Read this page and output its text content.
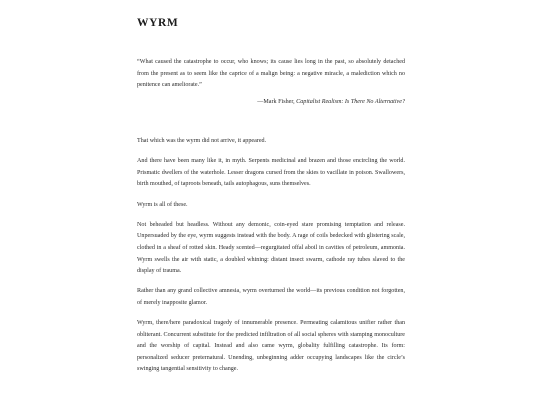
WYRM

“What caused the catastrophe to occur, who knows; its cause lies long in the past, so absolutely detached from the present as to seem like the caprice of a malign being: a negative miracle, a malediction which no penitence can ameliorate.”

—Mark Fisher, Capitalist Realism: Is There No Alternative?

That which was the wyrm did not arrive, it appeared.

And there have been many like it, in myth. Serpents medicinal and brazen and those encircling the world. Prismatic dwellers of the waterhole. Lesser dragons cursed from the skies to vacillate in poison. Swallowers, birth mouthed, of taproots beneath, tails autophagous, suns themselves.

Wyrm is all of these.

Not beheaded but headless. Without any demonic, coin-eyed stare promising temptation and release. Unpersuaded by the eye, wyrm suggests instead with the body. A rage of coils bedecked with glistering scale, clothed in a sheaf of rotted skin. Heady scented—regurgitated offal aboil in cavities of petroleum, ammonia. Wyrm swells the air with static, a doubled whining: distant insect swarm, cathode ray tubes slaved to the display of trauma.

Rather than any grand collective amnesia, wyrm overturned the world—its previous condition not forgotten, of merely inapposite glamor.

Wyrm, there/here paradoxical tragedy of innumerable presence. Permeating calamitous unifier rather than obliterant. Concurrent substitute for the predicted infiltration of all social spheres with stamping monoculture and the worship of capital. Instead and also came wyrm, globality fulfilling catastrophe. Its form: personalized seducer preternatural. Unending, unbeginning adder occupying landscapes like the circle’s swinging tangential sensitivity to change.
